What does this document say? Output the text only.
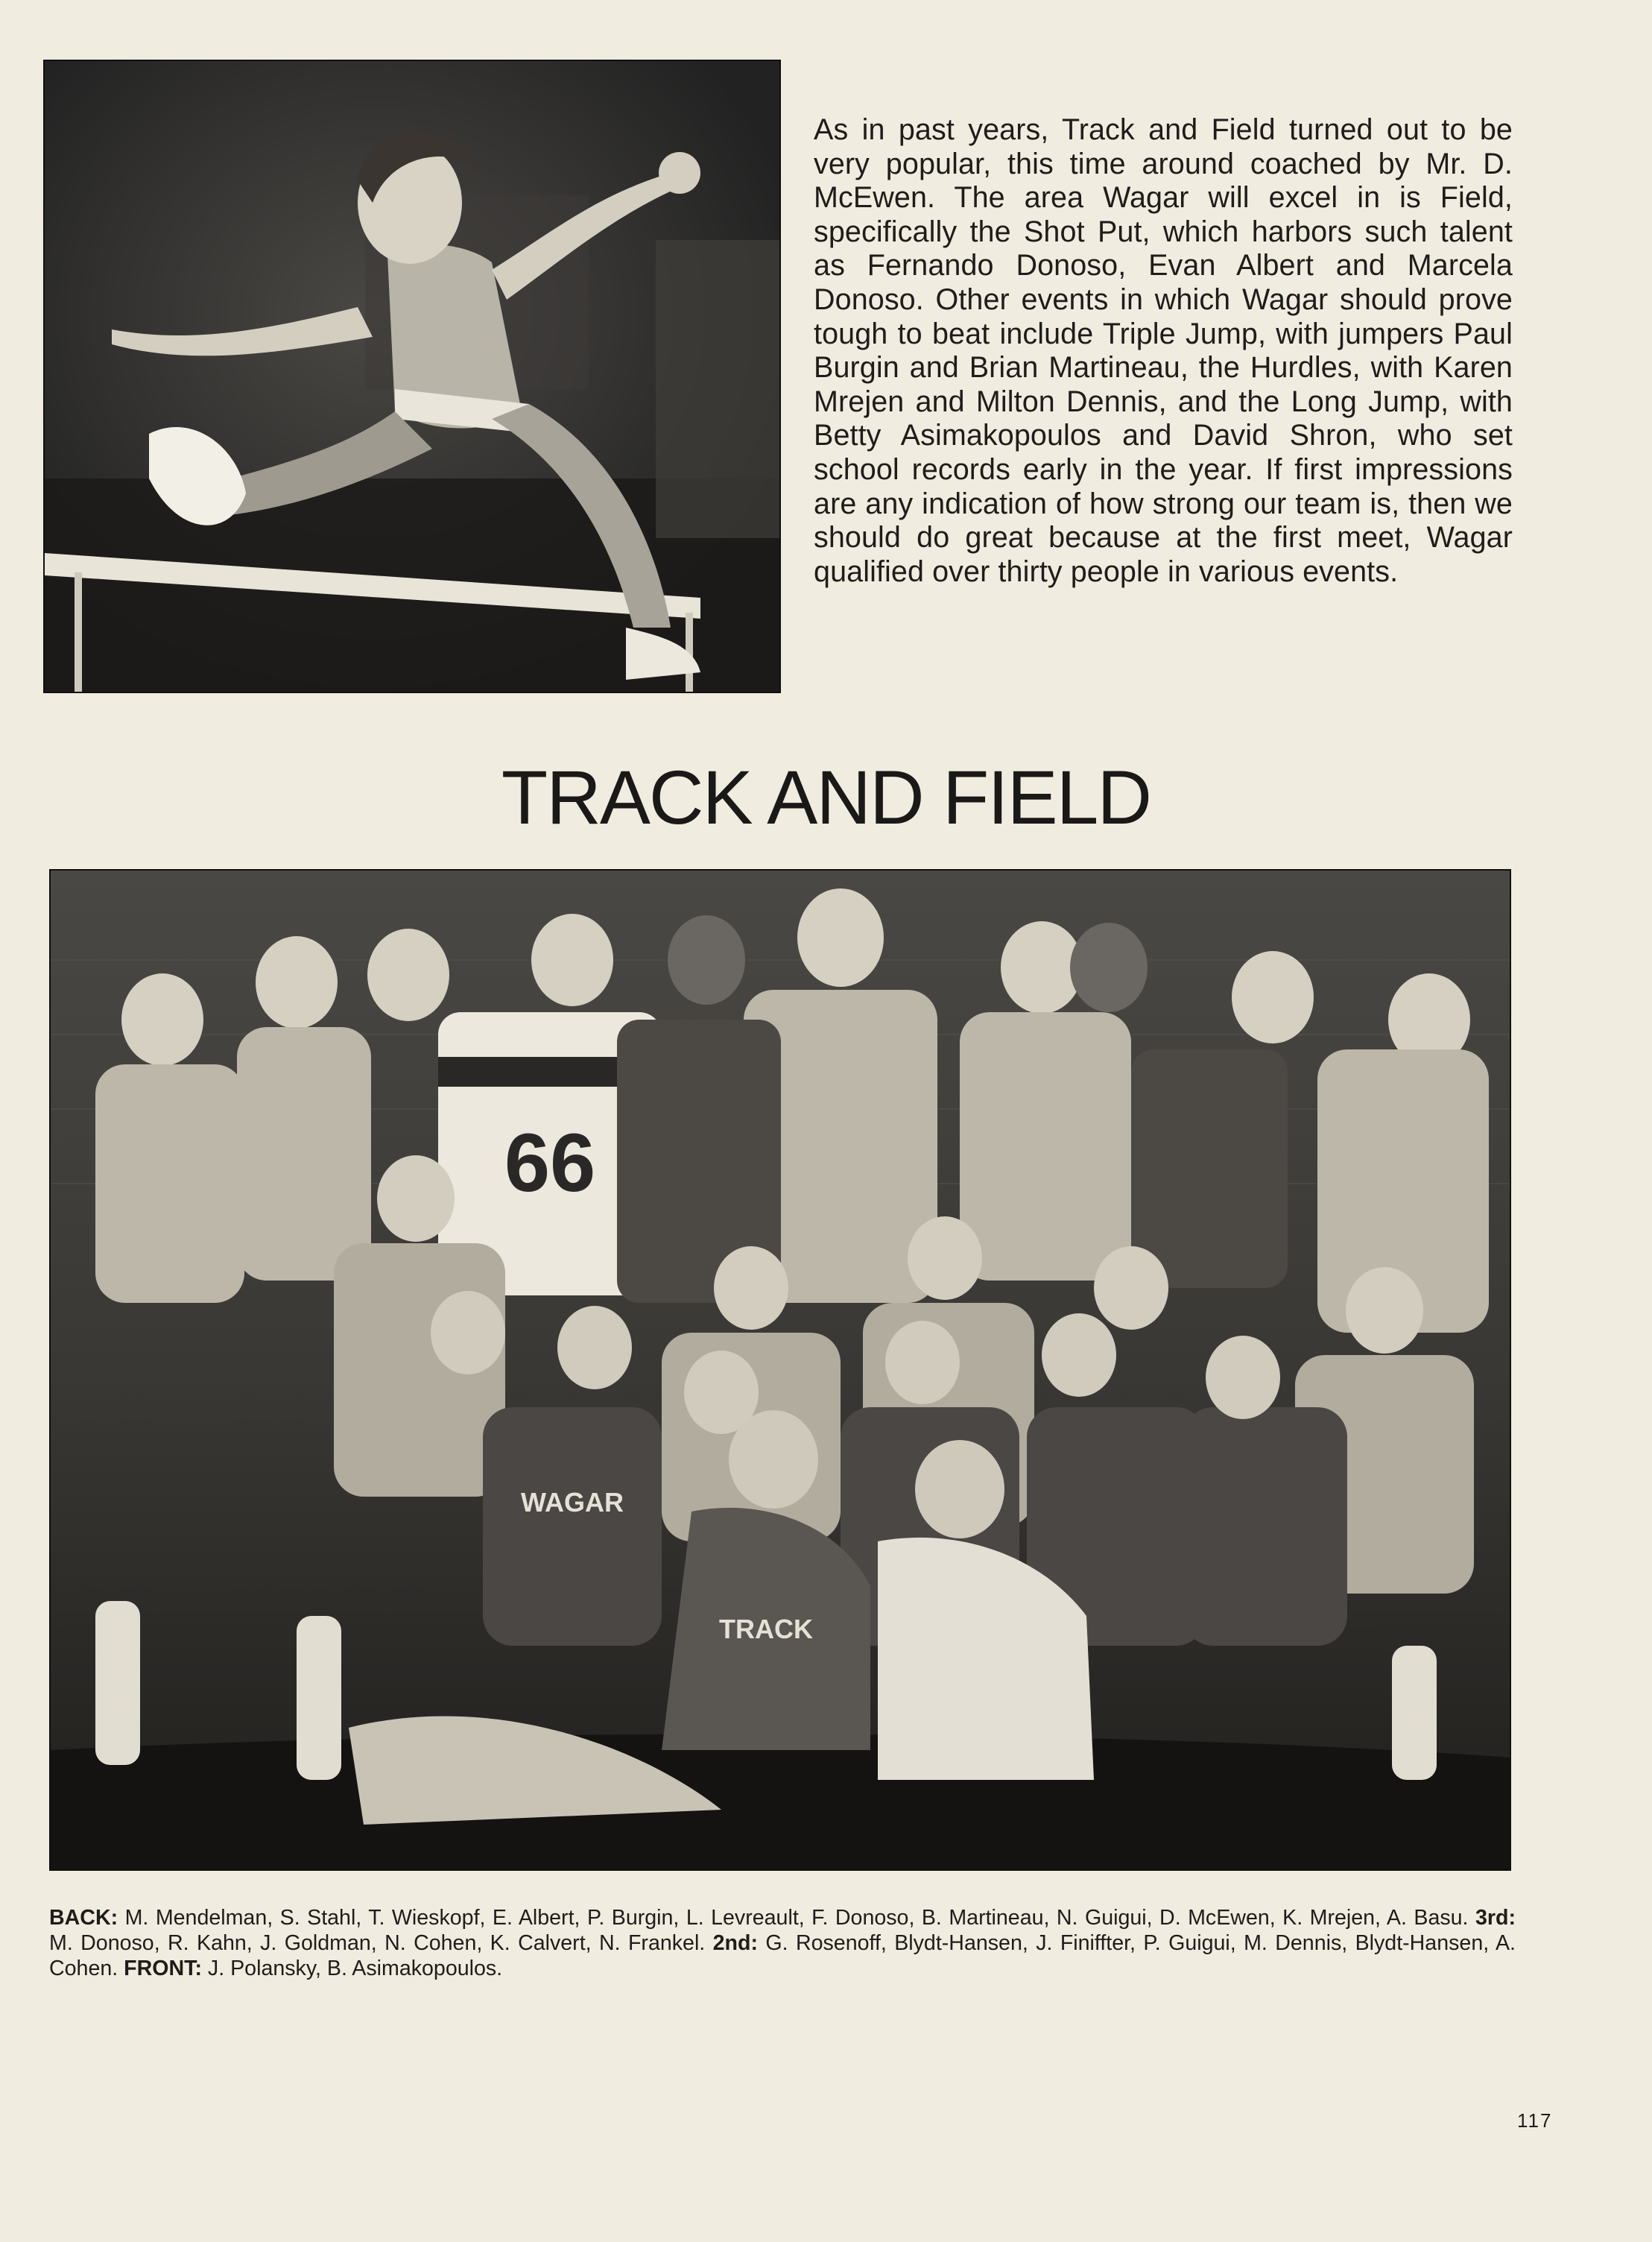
As in past years, Track and Field turned out to be very popular, this time around coached by Mr. D. McEwen. The area Wagar will excel in is Field, specifically the Shot Put, which harbors such talent as Fernando Donoso, Evan Albert and Marcela Donoso. Other events in which Wagar should prove tough to beat include Triple Jump, with jumpers Paul Burgin and Brian Martineau, the Hurdles, with Karen Mrejen and Milton Dennis, and the Long Jump, with Betty Asimakopoulos and David Shron, who set school records early in the year. If first impressions are any indication of how strong our team is, then we should do great because at the first meet, Wagar qualified over thirty people in various events.

TRACK AND FIELD
66
WAGAR
TRACK

BACK: M. Mendelman, S. Stahl, T. Wieskopf, E. Albert, P. Burgin, L. Levreault, F. Donoso, B. Martineau, N. Guigui, D. McEwen, K. Mrejen, A. Basu. 3rd: M. Donoso, R. Kahn, J. Goldman, N. Cohen, K. Calvert, N. Frankel. 2nd: G. Rosenoff, Blydt-Hansen, J. Finiffter, P. Guigui, M. Dennis, Blydt-Hansen, A. Cohen. FRONT: J. Polansky, B. Asimakopoulos.

117
